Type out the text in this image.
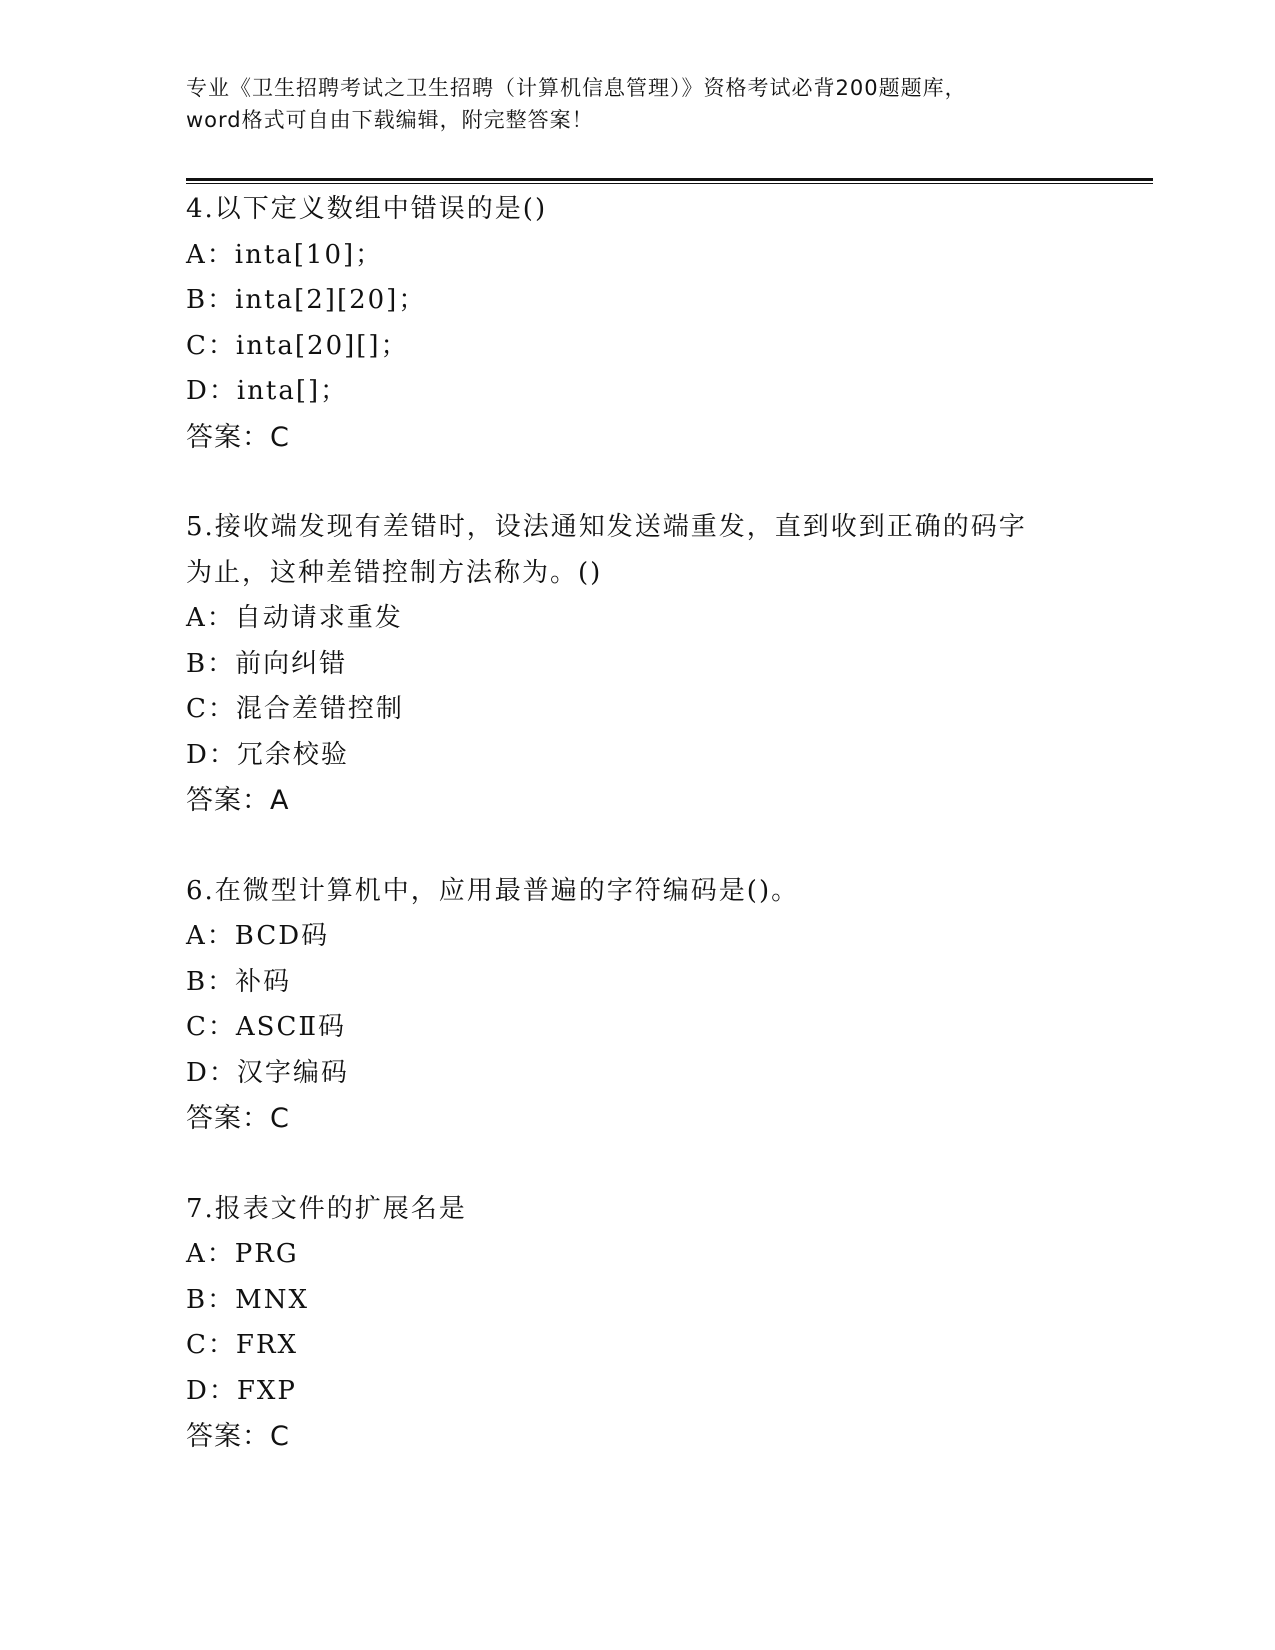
专业《卫生招聘考试之卫生招聘（计算机信息管理）》资格考试必背200题题库，
word格式可自由下载编辑，附完整答案！
4.以下定义数组中错误的是()
A：inta[10]；
B：inta[2][20]；
C：inta[20][]；
D：inta[]；
答案：C
5.接收端发现有差错时，设法通知发送端重发，直到收到正确的码字
为止，这种差错控制方法称为。()
A：自动请求重发
B：前向纠错
C：混合差错控制
D：冗余校验
答案：A
6.在微型计算机中，应用最普遍的字符编码是()。
A：BCD码
B：补码
C：ASCⅡ码
D：汉字编码
答案：C
7.报表文件的扩展名是
A：PRG
B：MNX
C：FRX
D：FXP
答案：C
